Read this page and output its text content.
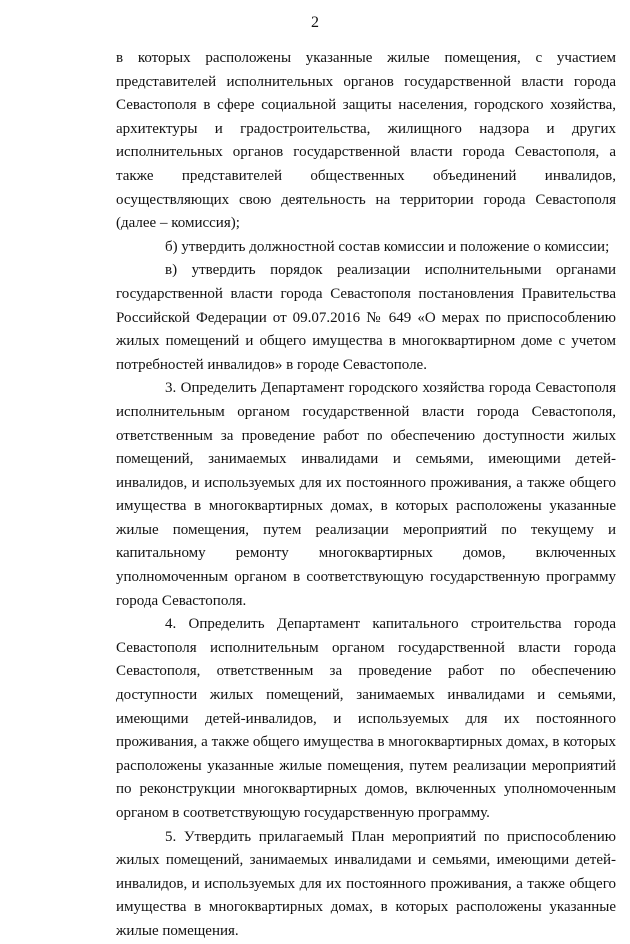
2

в которых расположены указанные жилые помещения, с участием представителей исполнительных органов государственной власти города Севастополя в сфере социальной защиты населения, городского хозяйства, архитектуры и градостроительства, жилищного надзора и других исполнительных органов государственной власти города Севастополя, а также представителей общественных объединений инвалидов, осуществляющих свою деятельность на территории города Севастополя (далее – комиссия);

б) утвердить должностной состав комиссии и положение о комиссии;

в) утвердить порядок реализации исполнительными органами государственной власти города Севастополя постановления Правительства Российской Федерации от 09.07.2016 № 649 «О мерах по приспособлению жилых помещений и общего имущества в многоквартирном доме с учетом потребностей инвалидов» в городе Севастополе.

3. Определить Департамент городского хозяйства города Севастополя исполнительным органом государственной власти города Севастополя, ответственным за проведение работ по обеспечению доступности жилых помещений, занимаемых инвалидами и семьями, имеющими детей-инвалидов, и используемых для их постоянного проживания, а также общего имущества в многоквартирных домах, в которых расположены указанные жилые помещения, путем реализации мероприятий по текущему и капитальному ремонту многоквартирных домов, включенных уполномоченным органом в соответствующую государственную программу города Севастополя.

4. Определить Департамент капитального строительства города Севастополя исполнительным органом государственной власти города Севастополя, ответственным за проведение работ по обеспечению доступности жилых помещений, занимаемых инвалидами и семьями, имеющими детей-инвалидов, и используемых для их постоянного проживания, а также общего имущества в многоквартирных домах, в которых расположены указанные жилые помещения, путем реализации мероприятий по реконструкции многоквартирных домов, включенных уполномоченным органом в соответствующую государственную программу.

5. Утвердить прилагаемый План мероприятий по приспособлению жилых помещений, занимаемых инвалидами и семьями, имеющими детей-инвалидов, и используемых для их постоянного проживания, а также общего имущества в многоквартирных домах, в которых расположены указанные жилые помещения.
